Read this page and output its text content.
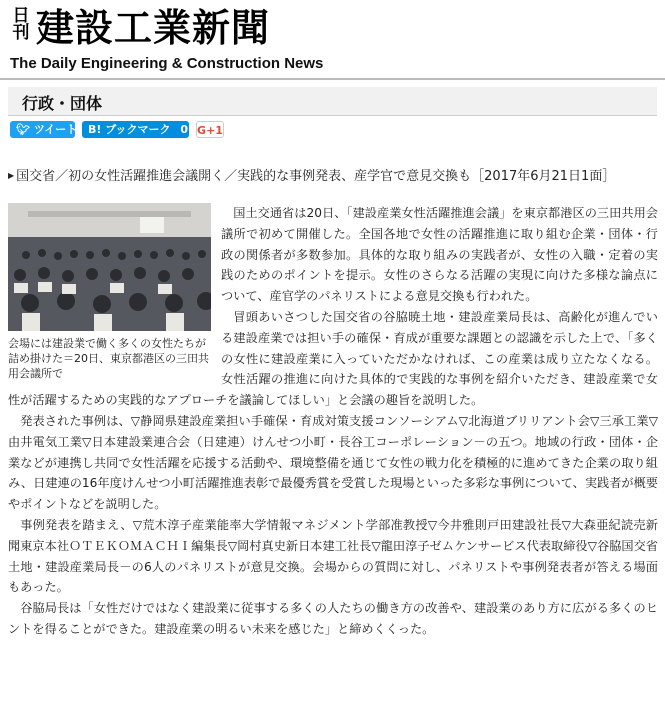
日刊 建設工業新聞
The Daily Engineering & Construction News
行政・団体
🐦︎ ツイート B! ブックマーク 0 G+1
▶ 国交省／初の女性活躍推進会議開く／実践的な事例発表、産学官で意見交換も［2017年6月21日1面］
会場には建設業で働く多くの女性たちが詰め掛けた＝20日、東京都港区の三田共用会議所で

国土交通省は20日、「建設産業女性活躍推進会議」を東京都港区の三田共用会議所で初めて開催した。全国各地で女性の活躍推進に取り組む企業・団体・行政の関係者が多数参加。具体的な取り組みの実践者が、女性の入職・定着の実践のためのポイントを提示。女性のさらなる活躍の実現に向けた多様な論点について、産官学のパネリストによる意見交換も行われた。

冒頭あいさつした国交省の谷脇暁土地・建設産業局長は、高齢化が進んでいる建設産業では担い手の確保・育成が重要な課題との認識を示した上で、「多くの女性に建設産業に入っていただかなければ、この産業は成り立たなくなる。女性活躍の推進に向けた具体的で実践的な事例を紹介いただき、建設産業で女性が活躍するための実践的なアプローチを議論してほしい」と会議の趣旨を説明した。

発表された事例は、▽静岡県建設産業担い手確保・育成対策支援コンソーシアム▽北海道ブリリアント会▽三承工業▽由井電気工業▽日本建設業連合会（日建連）けんせつ小町・長谷工コーポレーション－の五つ。地域の行政・団体・企業などが連携し共同で女性活躍を応援する活動や、環境整備を通じて女性の戦力化を積極的に進めてきた企業の取り組み、日建連の16年度けんせつ小町活躍推進表彰で最優秀賞を受賞した現場といった多彩な事例について、実践者が概要やポイントなどを説明した。

事例発表を踏まえ、▽荒木淳子産業能率大学情報マネジメント学部准教授▽今井雅則戸田建設社長▽大森亜紀読売新聞東京本社ＯＴＥＫＯＭＡＣＨＩ編集長▽岡村真史新日本建工社長▽龍田淳子ゼムケンサービス代表取締役▽谷脇国交省土地・建設産業局長－の6人のパネリストが意見交換。会場からの質問に対し、パネリストや事例発表者が答える場面もあった。

谷脇局長は「女性だけではなく建設業に従事する多くの人たちの働き方の改善や、建設業のあり方に広がる多くのヒントを得ることができた。建設産業の明るい未来を感じた」と締めくくった。
